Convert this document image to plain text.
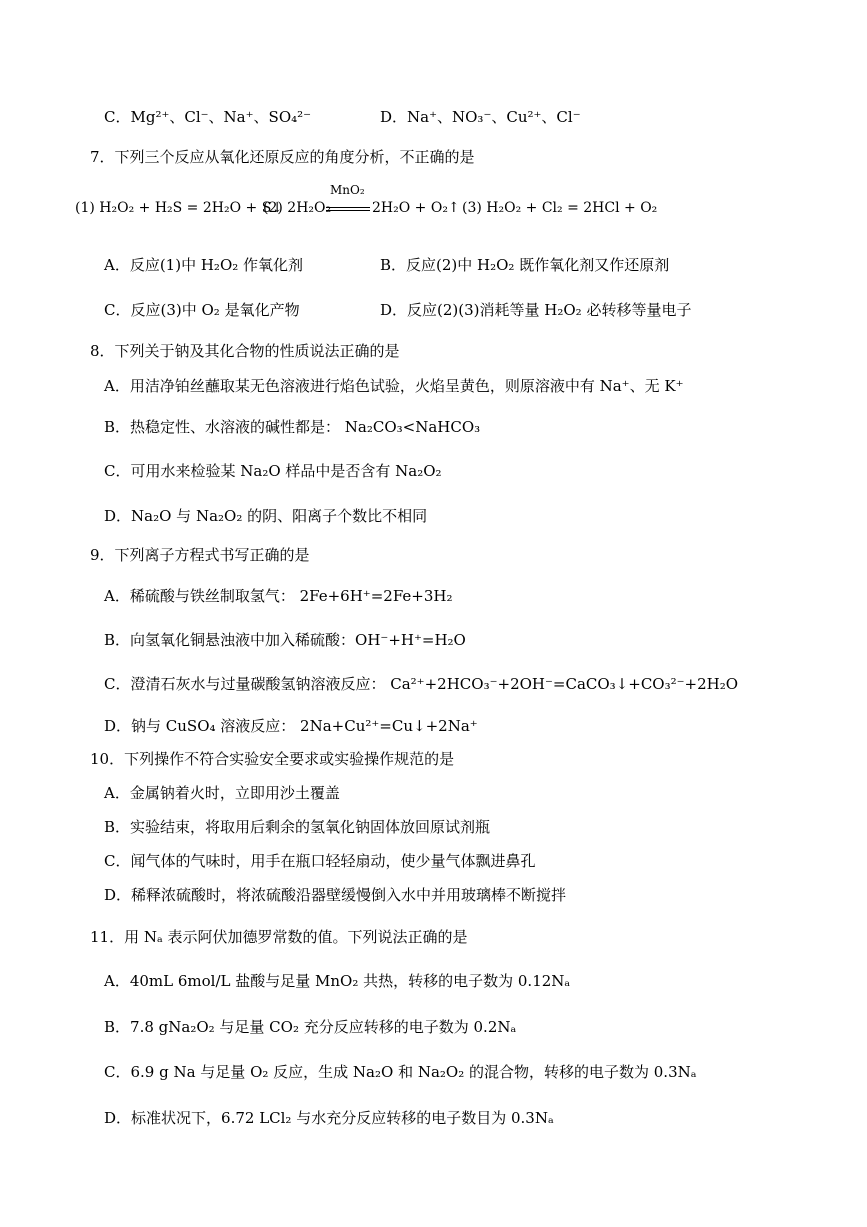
C．Mg²⁺、Cl⁻、Na⁺、SO₄²⁻	D．Na⁺、NO₃⁻、Cu²⁺、Cl⁻
7．下列三个反应从氧化还原反应的角度分析，不正确的是
(1) H₂O₂ + H₂S = 2H₂O + S↓
(2) 2H₂O₂
MnO₂
2H₂O + O₂↑ (3) H₂O₂ + Cl₂ = 2HCl + O₂
A．反应(1)中 H₂O₂ 作氧化剂	B．反应(2)中 H₂O₂ 既作氧化剂又作还原剂
C．反应(3)中 O₂ 是氧化产物	D．反应(2)(3)消耗等量 H₂O₂ 必转移等量电子
8．下列关于钠及其化合物的性质说法正确的是
A．用洁净铂丝蘸取某无色溶液进行焰色试验，火焰呈黄色，则原溶液中有 Na⁺、无 K⁺
B．热稳定性、水溶液的碱性都是： Na₂CO₃<NaHCO₃
C．可用水来检验某 Na₂O 样品中是否含有 Na₂O₂
D．Na₂O 与 Na₂O₂ 的阴、阳离子个数比不相同
9．下列离子方程式书写正确的是
A．稀硫酸与铁丝制取氢气： 2Fe+6H⁺=2Fe+3H₂
B．向氢氧化铜悬浊液中加入稀硫酸：OH⁻+H⁺=H₂O
C．澄清石灰水与过量碳酸氢钠溶液反应： Ca²⁺+2HCO₃⁻+2OH⁻=CaCO₃↓+CO₃²⁻+2H₂O
D．钠与 CuSO₄ 溶液反应： 2Na+Cu²⁺=Cu↓+2Na⁺
10．下列操作不符合实验安全要求或实验操作规范的是
A．金属钠着火时，立即用沙土覆盖
B．实验结束，将取用后剩余的氢氧化钠固体放回原试剂瓶
C．闻气体的气味时，用手在瓶口轻轻扇动，使少量气体飘进鼻孔
D．稀释浓硫酸时，将浓硫酸沿器壁缓慢倒入水中并用玻璃棒不断搅拌
11．用 Nₐ 表示阿伏加德罗常数的值。下列说法正确的是
A．40mL 6mol/L 盐酸与足量 MnO₂ 共热，转移的电子数为 0.12Nₐ
B．7.8 gNa₂O₂ 与足量 CO₂ 充分反应转移的电子数为 0.2Nₐ
C．6.9 g Na 与足量 O₂ 反应，生成 Na₂O 和 Na₂O₂ 的混合物，转移的电子数为 0.3Nₐ
D．标准状况下，6.72 LCl₂ 与水充分反应转移的电子数目为 0.3Nₐ
